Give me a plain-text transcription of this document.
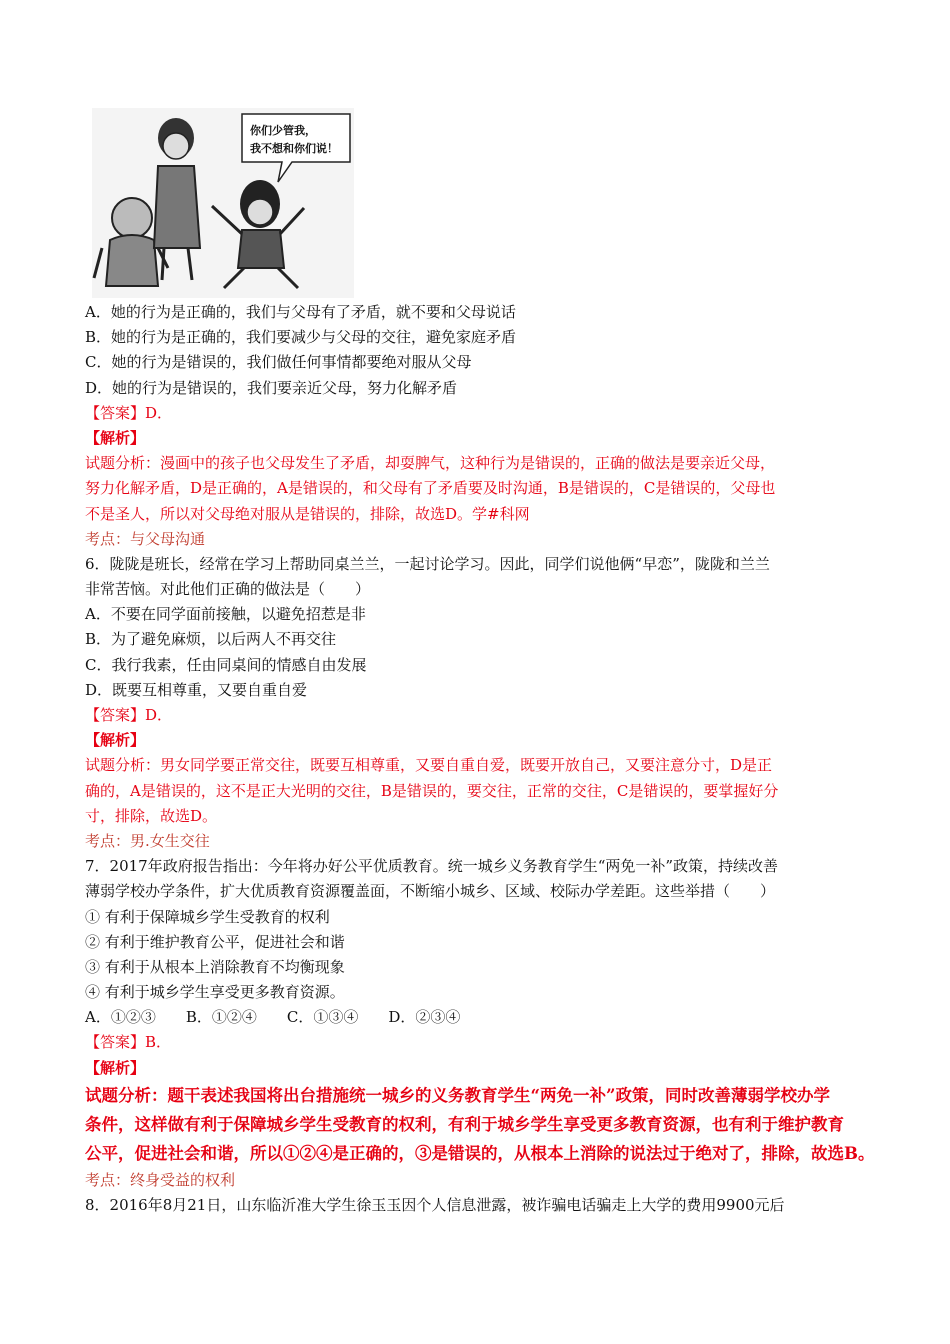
你们少管我，
我不想和你们说！
A．她的行为是正确的，我们与父母有了矛盾，就不要和父母说话
B．她的行为是正确的，我们要减少与父母的交往，避免家庭矛盾
C．她的行为是错误的，我们做任何事情都要绝对服从父母
D．她的行为是错误的，我们要亲近父母，努力化解矛盾
【答案】D．
【解析】
试题分析：漫画中的孩子也父母发生了矛盾，却耍脾气，这种行为是错误的，正确的做法是要亲近父母，
努力化解矛盾，D是正确的，A是错误的，和父母有了矛盾要及时沟通，B是错误的，C是错误的，父母也
不是圣人，所以对父母绝对服从是错误的，排除，故选D。学#科网
考点：与父母沟通
6．陇陇是班长，经常在学习上帮助同桌兰兰，一起讨论学习。因此，同学们说他俩“早恋”，陇陇和兰兰
非常苦恼。对此他们正确的做法是（　　）
A．不要在同学面前接触，以避免招惹是非
B．为了避免麻烦，以后两人不再交往
C．我行我素，任由同桌间的情感自由发展
D．既要互相尊重，又要自重自爱
【答案】D．
【解析】
试题分析：男女同学要正常交往，既要互相尊重，又要自重自爱，既要开放自己，又要注意分寸，D是正
确的，A是错误的，这不是正大光明的交往，B是错误的，要交往，正常的交往，C是错误的，要掌握好分
寸，排除，故选D。
考点：男.女生交往
7．2017年政府报告指出：今年将办好公平优质教育。统一城乡义务教育学生“两免一补”政策，持续改善
薄弱学校办学条件，扩大优质教育资源覆盖面，不断缩小城乡、区域、校际办学差距。这些举措（　　）
① 有利于保障城乡学生受教育的权利
② 有利于维护教育公平，促进社会和谐
③ 有利于从根本上消除教育不均衡现象
④ 有利于城乡学生享受更多教育资源。
A．①②③　　B．①②④　　C．①③④　　D．②③④
【答案】B．
【解析】
试题分析：题干表述我国将出台措施统一城乡的义务教育学生“两免一补”政策，同时改善薄弱学校办学
条件，这样做有利于保障城乡学生受教育的权利，有利于城乡学生享受更多教育资源，也有利于维护教育
公平，促进社会和谐，所以①②④是正确的，③是错误的，从根本上消除的说法过于绝对了，排除，故选B。
考点：终身受益的权利
8．2016年8月21日，山东临沂准大学生徐玉玉因个人信息泄露，被诈骗电话骗走上大学的费用9900元后
